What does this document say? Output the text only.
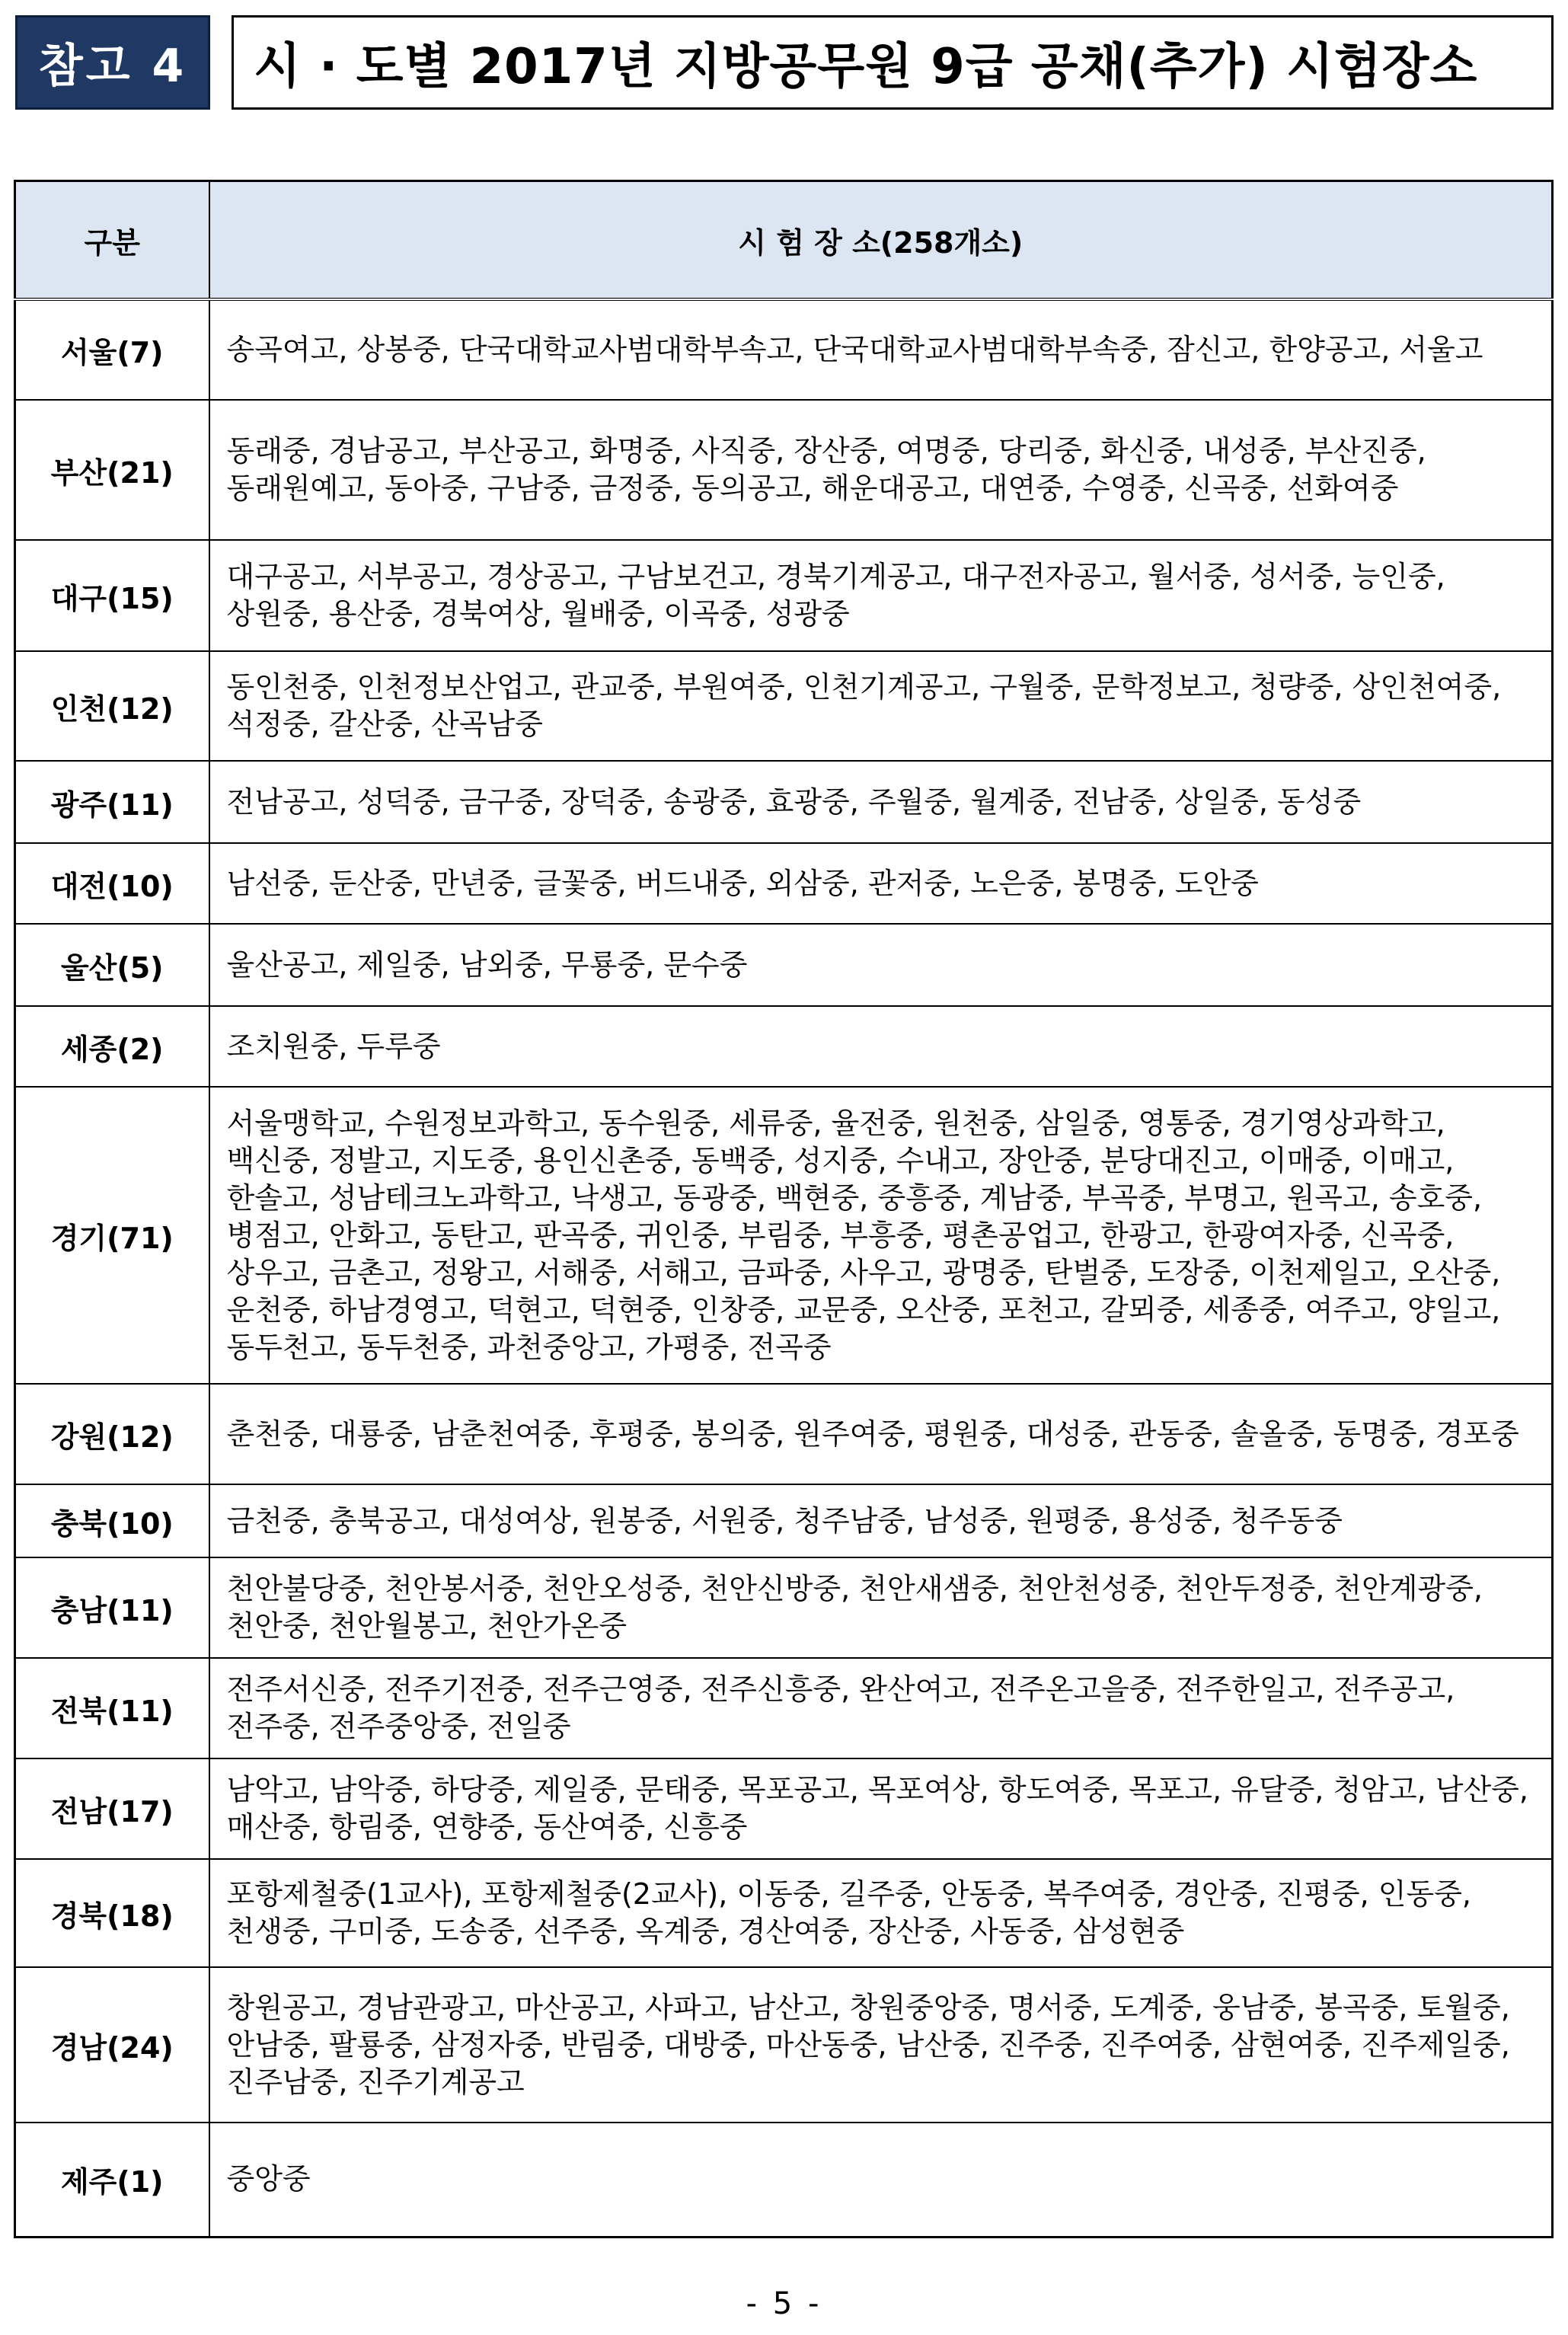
참고 4	시 · 도별 2017년 지방공무원 9급 공채(추가) 시험장소
구분	시 험 장 소(258개소)
서울(7)	송곡여고, 상봉중, 단국대학교사범대학부속고, 단국대학교사범대학부속중, 잠신고, 한양공고, 서울고
부산(21)	동래중, 경남공고, 부산공고, 화명중, 사직중, 장산중, 여명중, 당리중, 화신중, 내성중, 부산진중, 동래원예고, 동아중, 구남중, 금정중, 동의공고, 해운대공고, 대연중, 수영중, 신곡중, 선화여중
대구(15)	대구공고, 서부공고, 경상공고, 구남보건고, 경북기계공고, 대구전자공고, 월서중, 성서중, 능인중, 상원중, 용산중, 경북여상, 월배중, 이곡중, 성광중
인천(12)	동인천중, 인천정보산업고, 관교중, 부원여중, 인천기계공고, 구월중, 문학정보고, 청량중, 상인천여중, 석정중, 갈산중, 산곡남중
광주(11)	전남공고, 성덕중, 금구중, 장덕중, 송광중, 효광중, 주월중, 월계중, 전남중, 상일중, 동성중
대전(10)	남선중, 둔산중, 만년중, 글꽃중, 버드내중, 외삼중, 관저중, 노은중, 봉명중, 도안중
울산(5)	울산공고, 제일중, 남외중, 무룡중, 문수중
세종(2)	조치원중, 두루중
경기(71)	서울맹학교, 수원정보과학고, 동수원중, 세류중, 율전중, 원천중, 삼일중, 영통중, 경기영상과학고, 백신중, 정발고, 지도중, 용인신촌중, 동백중, 성지중, 수내고, 장안중, 분당대진고, 이매중, 이매고, 한솔고, 성남테크노과학고, 낙생고, 동광중, 백현중, 중흥중, 계남중, 부곡중, 부명고, 원곡고, 송호중, 병점고, 안화고, 동탄고, 판곡중, 귀인중, 부림중, 부흥중, 평촌공업고, 한광고, 한광여자중, 신곡중, 상우고, 금촌고, 정왕고, 서해중, 서해고, 금파중, 사우고, 광명중, 탄벌중, 도장중, 이천제일고, 오산중, 운천중, 하남경영고, 덕현고, 덕현중, 인창중, 교문중, 오산중, 포천고, 갈뫼중, 세종중, 여주고, 양일고, 동두천고, 동두천중, 과천중앙고, 가평중, 전곡중
강원(12)	춘천중, 대룡중, 남춘천여중, 후평중, 봉의중, 원주여중, 평원중, 대성중, 관동중, 솔올중, 동명중, 경포중
충북(10)	금천중, 충북공고, 대성여상, 원봉중, 서원중, 청주남중, 남성중, 원평중, 용성중, 청주동중
충남(11)	천안불당중, 천안봉서중, 천안오성중, 천안신방중, 천안새샘중, 천안천성중, 천안두정중, 천안계광중, 천안중, 천안월봉고, 천안가온중
전북(11)	전주서신중, 전주기전중, 전주근영중, 전주신흥중, 완산여고, 전주온고을중, 전주한일고, 전주공고, 전주중, 전주중앙중, 전일중
전남(17)	남악고, 남악중, 하당중, 제일중, 문태중, 목포공고, 목포여상, 항도여중, 목포고, 유달중, 청암고, 남산중, 매산중, 항림중, 연향중, 동산여중, 신흥중
경북(18)	포항제철중(1교사), 포항제철중(2교사), 이동중, 길주중, 안동중, 복주여중, 경안중, 진평중, 인동중, 천생중, 구미중, 도송중, 선주중, 옥계중, 경산여중, 장산중, 사동중, 삼성현중
경남(24)	창원공고, 경남관광고, 마산공고, 사파고, 남산고, 창원중앙중, 명서중, 도계중, 웅남중, 봉곡중, 토월중, 안남중, 팔룡중, 삼정자중, 반림중, 대방중, 마산동중, 남산중, 진주중, 진주여중, 삼현여중, 진주제일중, 진주남중, 진주기계공고
제주(1)	중앙중
- 5 -
